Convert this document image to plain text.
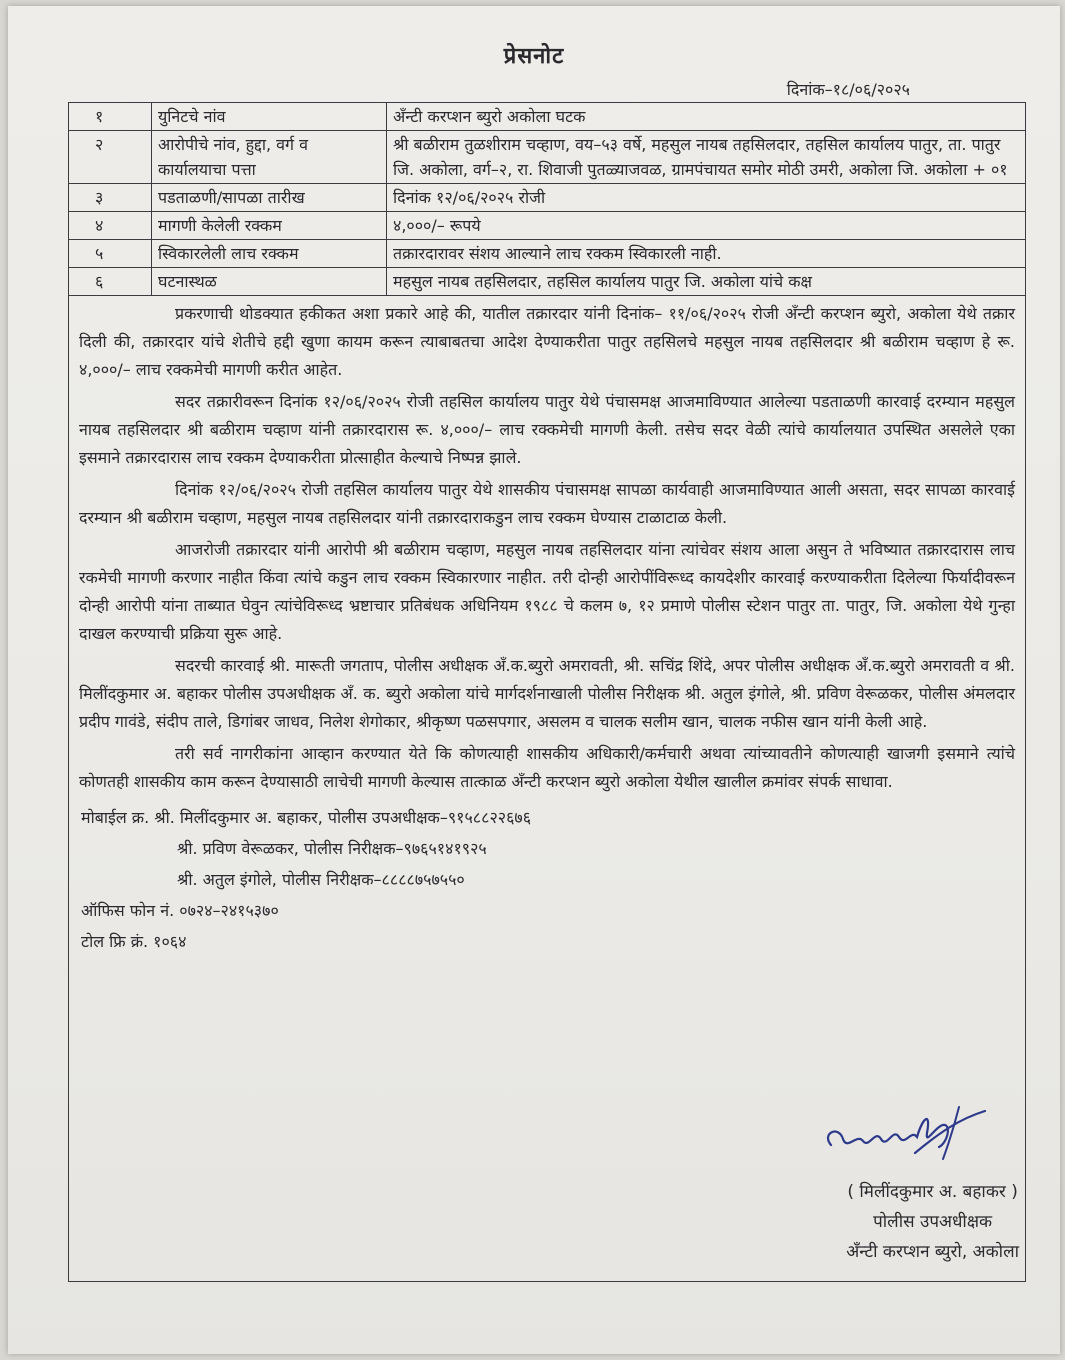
प्रेसनोट
दिनांक–१८/०६/२०२५
१	युनिटचे नांव	अँन्टी करप्शन ब्युरो अकोला घटक
२	आरोपीचे नांव, हुद्दा, वर्ग व कार्यालयाचा पत्ता	श्री बळीराम तुळशीराम चव्हाण, वय–५३ वर्षे, महसुल नायब तहसिलदार, तहसिल कार्यालय पातुर, ता. पातुर जि. अकोला, वर्ग–२, रा. शिवाजी पुतळ्याजवळ, ग्रामपंचायत समोर मोठी उमरी, अकोला जि. अकोला + ०१
३	पडताळणी/सापळा तारीख	दिनांक १२/०६/२०२५ रोजी
४	मागणी केलेली रक्कम	४,०००/– रूपये
५	स्विकारलेली लाच रक्कम	तक्रारदारावर संशय आल्याने लाच रक्कम स्विकारली नाही.
६	घटनास्थळ	महसुल नायब तहसिलदार, तहसिल कार्यालय पातुर जि. अकोला यांचे कक्ष

प्रकरणाची थोडक्यात हकीकत अशा प्रकारे आहे की, यातील तक्रारदार यांनी दिनांक– ११/०६/२०२५ रोजी अँन्टी करप्शन ब्युरो, अकोला येथे तक्रार दिली की, तक्रारदार यांचे शेतीचे हद्दी खुणा कायम करून त्याबाबतचा आदेश देण्याकरीता पातुर तहसिलचे महसुल नायब तहसिलदार श्री बळीराम चव्हाण हे रू. ४,०००/– लाच रक्कमेची मागणी करीत आहेत.

सदर तक्रारीवरून दिनांक १२/०६/२०२५ रोजी तहसिल कार्यालय पातुर येथे पंचासमक्ष आजमाविण्यात आलेल्या पडताळणी कारवाई दरम्यान महसुल नायब तहसिलदार श्री बळीराम चव्हाण यांनी तक्रारदारास रू. ४,०००/– लाच रक्कमेची मागणी केली. तसेच सदर वेळी त्यांचे कार्यालयात उपस्थित असलेले एका इसमाने तक्रारदारास लाच रक्कम देण्याकरीता प्रोत्साहीत केल्याचे निष्पन्न झाले.

दिनांक १२/०६/२०२५ रोजी तहसिल कार्यालय पातुर येथे शासकीय पंचासमक्ष सापळा कार्यवाही आजमाविण्यात आली असता, सदर सापळा कारवाई दरम्यान श्री बळीराम चव्हाण, महसुल नायब तहसिलदार यांनी तक्रारदाराकडुन लाच रक्कम घेण्यास टाळाटाळ केली.

आजरोजी तक्रारदार यांनी आरोपी श्री बळीराम चव्हाण, महसुल नायब तहसिलदार यांना त्यांचेवर संशय आला असुन ते भविष्यात तक्रारदारास लाच रकमेची मागणी करणार नाहीत किंवा त्यांचे कडुन लाच रक्कम स्विकारणार नाहीत. तरी दोन्ही आरोपींविरूध्द कायदेशीर कारवाई करण्याकरीता दिलेल्या फिर्यादीवरून दोन्ही आरोपी यांना ताब्यात घेवुन त्यांचेविरूध्द भ्रष्टाचार प्रतिबंधक अधिनियम १९८८ चे कलम ७, १२ प्रमाणे पोलीस स्टेशन पातुर ता. पातुर, जि. अकोला येथे गुन्हा दाखल करण्याची प्रक्रिया सुरू आहे.

सदरची कारवाई श्री. मारूती जगताप, पोलीस अधीक्षक अँ.क.ब्युरो अमरावती, श्री. सचिंद्र शिंदे, अपर पोलीस अधीक्षक अँ.क.ब्युरो अमरावती व श्री. मिलींदकुमार अ. बहाकर पोलीस उपअधीक्षक अँ. क. ब्युरो अकोला यांचे मार्गदर्शनाखाली पोलीस निरीक्षक श्री. अतुल इंगोले, श्री. प्रविण वेरूळकर, पोलीस अंमलदार प्रदीप गावंडे, संदीप ताले, डिगांबर जाधव, निलेश शेगोकार, श्रीकृष्ण पळसपगार, असलम व चालक सलीम खान, चालक नफीस खान यांनी केली आहे.

तरी सर्व नागरीकांना आव्हान करण्यात येते कि कोणत्याही शासकीय अधिकारी/कर्मचारी अथवा त्यांच्यावतीने कोणत्याही खाजगी इसमाने त्यांचे कोणतही शासकीय काम करून देण्यासाठी लाचेची मागणी केल्यास तात्काळ अँन्टी करप्शन ब्युरो अकोला येथील खालील क्रमांवर संपर्क साधावा.

मोबाईल क्र. श्री. मिलींदकुमार अ. बहाकर, पोलीस उपअधीक्षक–९१५८८२२६७६
श्री. प्रविण वेरूळकर, पोलीस निरीक्षक–९७६५१४१९२५
श्री. अतुल इंगोले, पोलीस निरीक्षक–८८८८७५७५५०
ऑफिस फोन नं. ०७२४–२४१५३७०
टोल फ्रि क्रं. १०६४
( मिलींदकुमार अ. बहाकर )
पोलीस उपअधीक्षक
अँन्टी करप्शन ब्युरो, अकोला
